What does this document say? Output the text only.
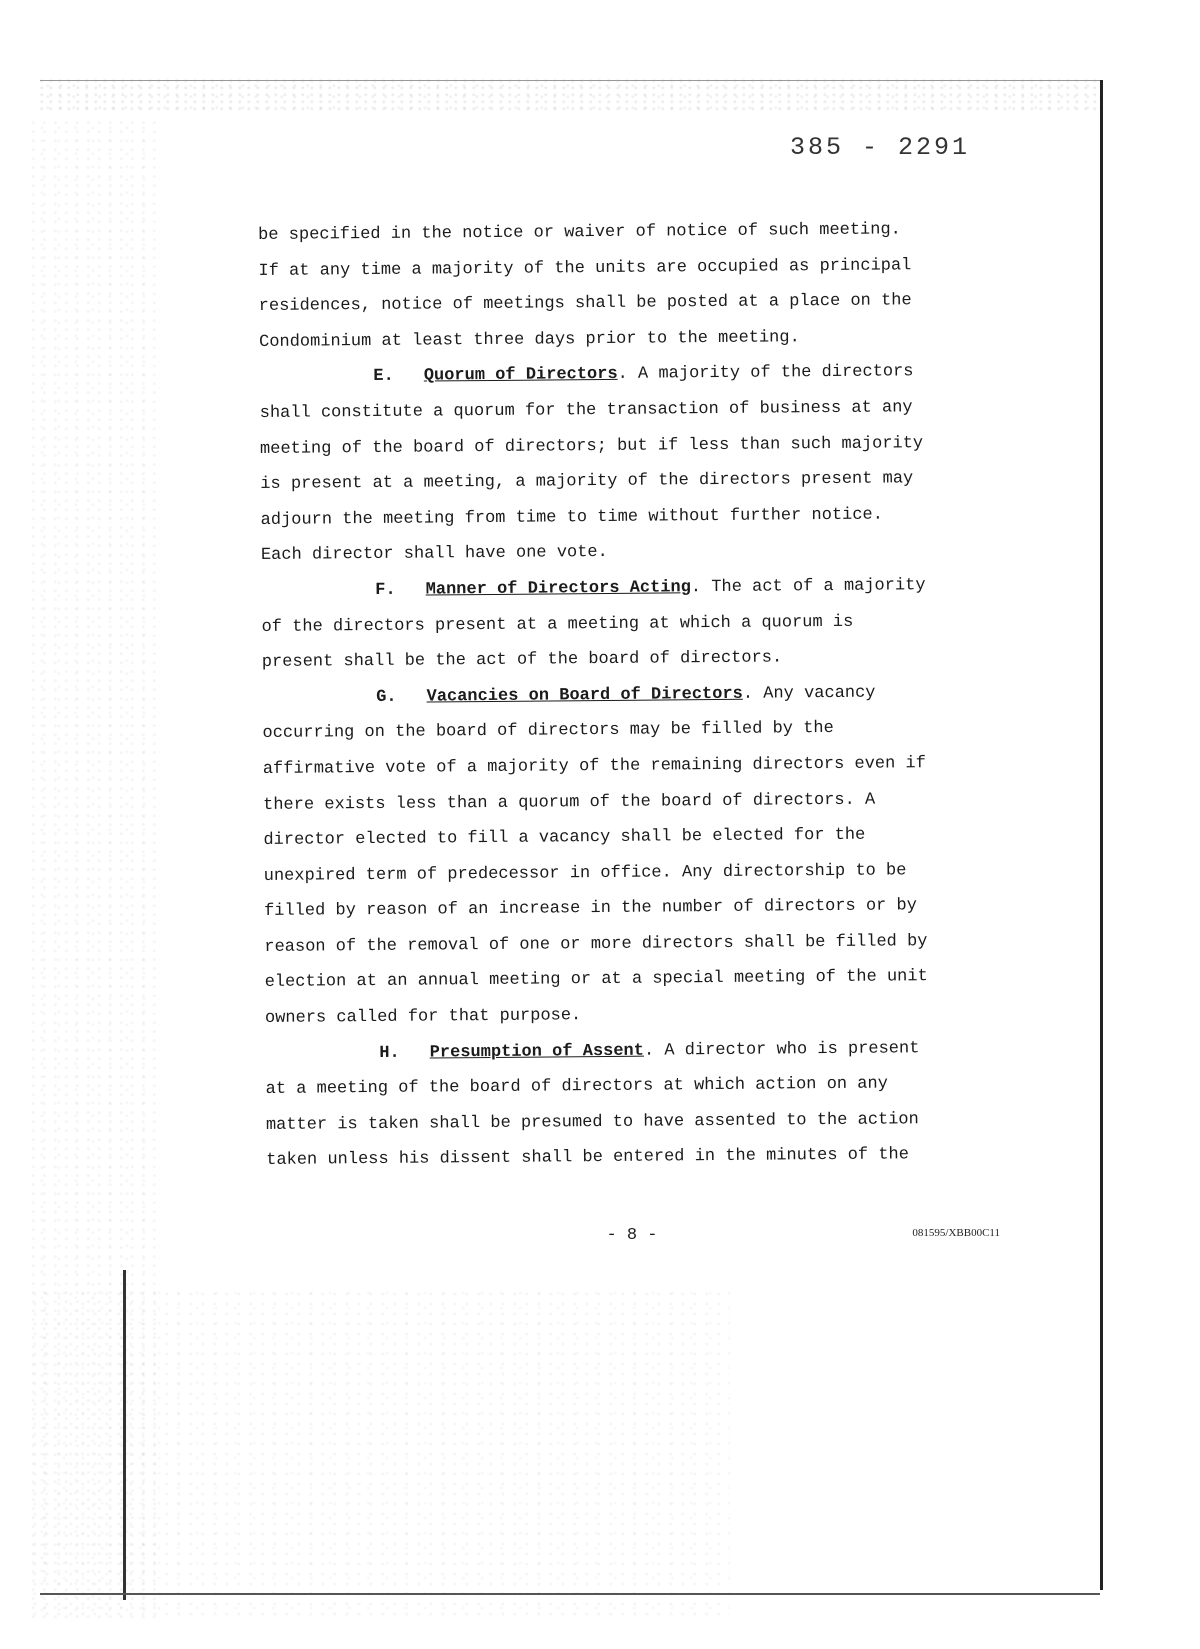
385 - 2291

be specified in the notice or waiver of notice of such meeting.

If at any time a majority of the units are occupied as principal

residences, notice of meetings shall be posted at a place on the

Condominium at least three days prior to the meeting.

E. Quorum of Directors. A majority of the directors

shall constitute a quorum for the transaction of business at any

meeting of the board of directors; but if less than such majority

is present at a meeting, a majority of the directors present may

adjourn the meeting from time to time without further notice.

Each director shall have one vote.

F. Manner of Directors Acting. The act of a majority

of the directors present at a meeting at which a quorum is

present shall be the act of the board of directors.

G. Vacancies on Board of Directors. Any vacancy

occurring on the board of directors may be filled by the

affirmative vote of a majority of the remaining directors even if

there exists less than a quorum of the board of directors. A

director elected to fill a vacancy shall be elected for the

unexpired term of predecessor in office. Any directorship to be

filled by reason of an increase in the number of directors or by

reason of the removal of one or more directors shall be filled by

election at an annual meeting or at a special meeting of the unit

owners called for that purpose.

H. Presumption of Assent. A director who is present

at a meeting of the board of directors at which action on any

matter is taken shall be presumed to have assented to the action

taken unless his dissent shall be entered in the minutes of the

- 8 -	081595/XBB00C11
